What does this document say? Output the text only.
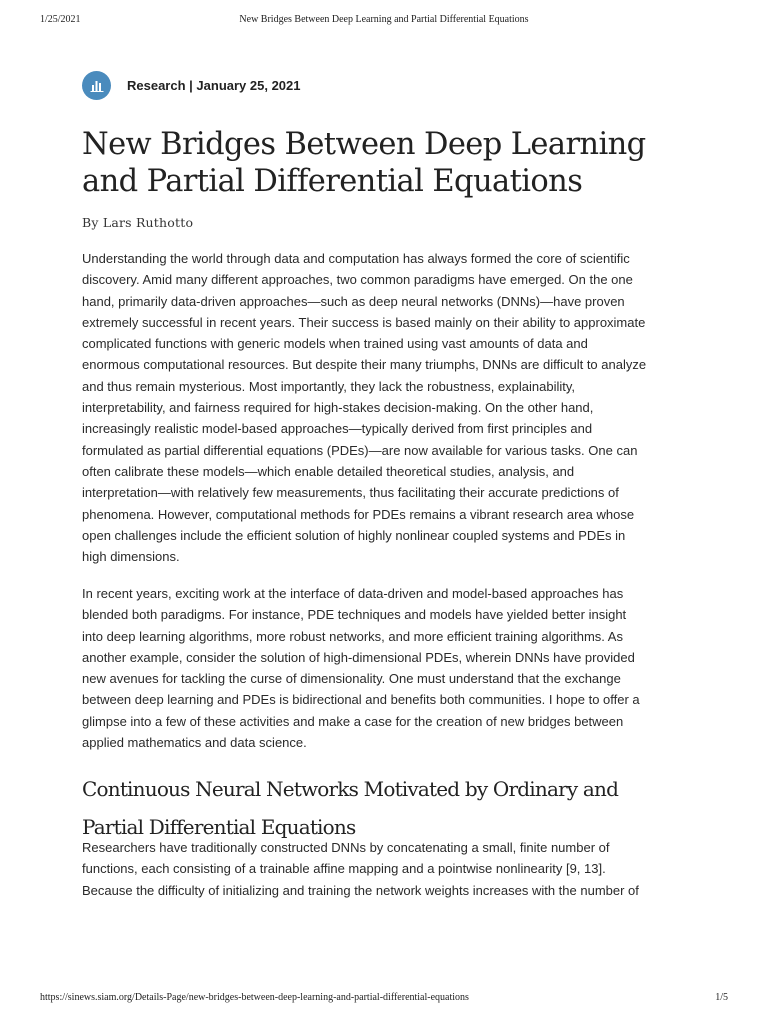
1/25/2021	New Bridges Between Deep Learning and Partial Differential Equations
Research | January 25, 2021
New Bridges Between Deep Learning and Partial Differential Equations
By Lars Ruthotto
Understanding the world through data and computation has always formed the core of scientific
discovery. Amid many different approaches, two common paradigms have emerged. On the one
hand, primarily data-driven approaches—such as deep neural networks (DNNs)—have proven
extremely successful in recent years. Their success is based mainly on their ability to approximate
complicated functions with generic models when trained using vast amounts of data and
enormous computational resources. But despite their many triumphs, DNNs are difficult to analyze
and thus remain mysterious. Most importantly, they lack the robustness, explainability,
interpretability, and fairness required for high-stakes decision-making. On the other hand,
increasingly realistic model-based approaches—typically derived from first principles and
formulated as partial differential equations (PDEs)—are now available for various tasks. One can
often calibrate these models—which enable detailed theoretical studies, analysis, and
interpretation—with relatively few measurements, thus facilitating their accurate predictions of
phenomena. However, computational methods for PDEs remains a vibrant research area whose
open challenges include the efficient solution of highly nonlinear coupled systems and PDEs in
high dimensions.
In recent years, exciting work at the interface of data-driven and model-based approaches has
blended both paradigms. For instance, PDE techniques and models have yielded better insight
into deep learning algorithms, more robust networks, and more efficient training algorithms. As
another example, consider the solution of high-dimensional PDEs, wherein DNNs have provided
new avenues for tackling the curse of dimensionality. One must understand that the exchange
between deep learning and PDEs is bidirectional and benefits both communities. I hope to offer a
glimpse into a few of these activities and make a case for the creation of new bridges between
applied mathematics and data science.
Continuous Neural Networks Motivated by Ordinary and
Partial Differential Equations
Researchers have traditionally constructed DNNs by concatenating a small, finite number of
functions, each consisting of a trainable affine mapping and a pointwise nonlinearity [9, 13].
Because the difficulty of initializing and training the network weights increases with the number of
https://sinews.siam.org/Details-Page/new-bridges-between-deep-learning-and-partial-differential-equations	1/5
